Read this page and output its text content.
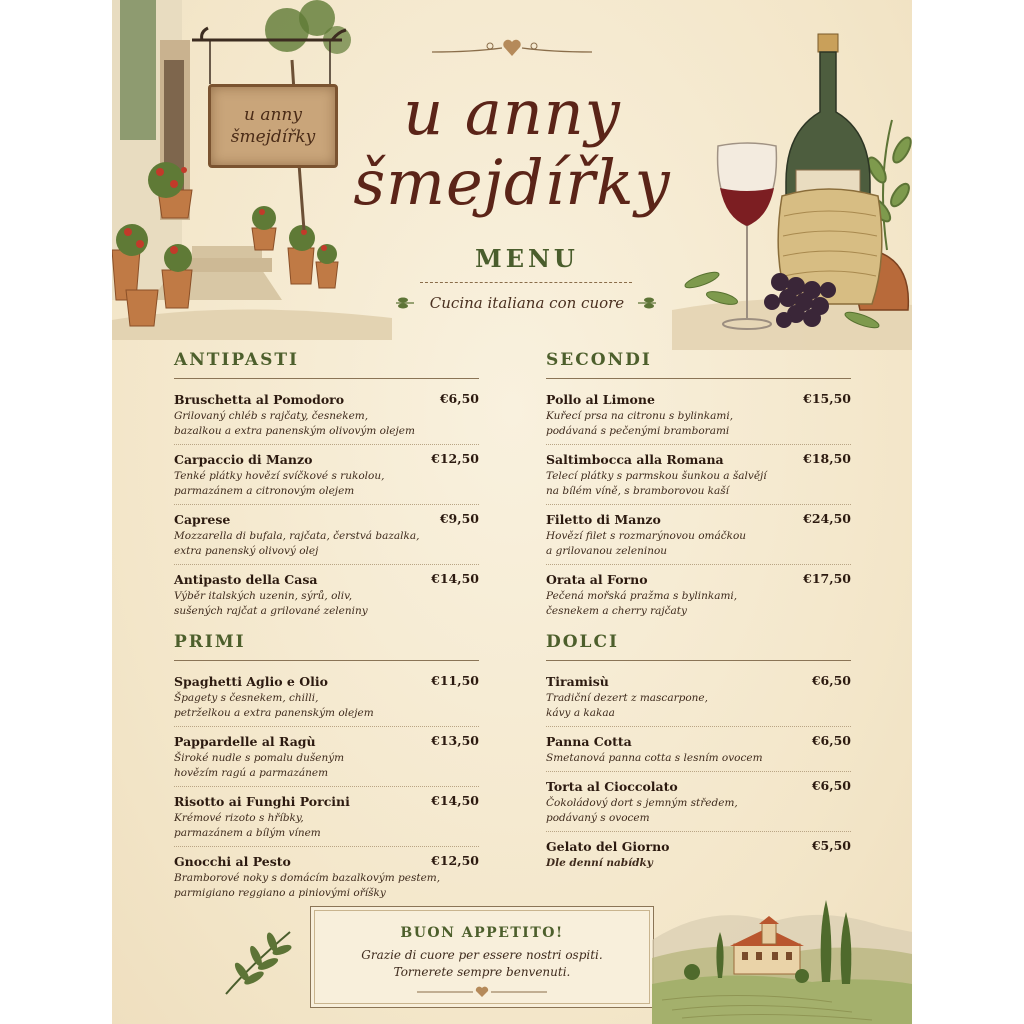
u anny
šmejdířky	u anny
šmejdířky
MENU
Cucina italiana con cuore
ANTIPASTI
Bruschetta al Pomodoro	€6,50
Grilovaný chléb s rajčaty, česnekem,
bazalkou a extra panenským olivovým olejem
Carpaccio di Manzo	€12,50
Tenké plátky hovězí svíčkové s rukolou,
parmazánem a citronovým olejem
Caprese	€9,50
Mozzarella di bufala, rajčata, čerstvá bazalka,
extra panenský olivový olej
Antipasto della Casa	€14,50
Výběr italských uzenin, sýrů, oliv,
sušených rajčat a grilované zeleniny
SECONDI
Pollo al Limone	€15,50
Kuřecí prsa na citronu s bylinkami,
podávaná s pečenými bramborami
Saltimbocca alla Romana	€18,50
Telecí plátky s parmskou šunkou a šalvějí
na bílém víně, s bramborovou kaší
Filetto di Manzo	€24,50
Hovězí filet s rozmarýnovou omáčkou
a grilovanou zeleninou
Orata al Forno	€17,50
Pečená mořská pražma s bylinkami,
česnekem a cherry rajčaty
PRIMI
Spaghetti Aglio e Olio	€11,50
Špagety s česnekem, chilli,
petrželkou a extra panenským olejem
Pappardelle al Ragù	€13,50
Široké nudle s pomalu dušeným
hovězím ragú a parmazánem
Risotto ai Funghi Porcini	€14,50
Krémové rizoto s hříbky,
parmazánem a bílým vínem
Gnocchi al Pesto	€12,50
Bramborové noky s domácím bazalkovým pestem,
parmigiano reggiano a piniovými oříšky
DOLCI
Tiramisù	€6,50
Tradiční dezert z mascarpone,
kávy a kakaa
Panna Cotta	€6,50
Smetanová panna cotta s lesním ovocem
Torta al Cioccolato	€6,50
Čokoládový dort s jemným středem,
podávaný s ovocem
Gelato del Giorno	€5,50
Dle denní nabídky
BUON APPETITO!
Grazie di cuore per essere nostri ospiti.
Tornerete sempre benvenuti.
